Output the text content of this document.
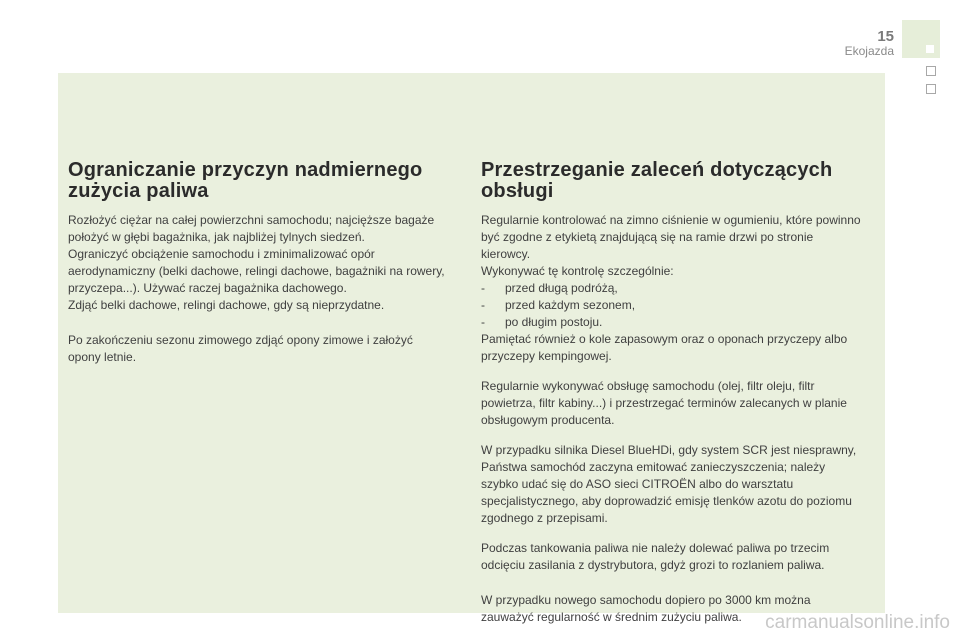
15
Ekojazda
Ograniczanie przyczyn nadmiernego
zużycia paliwa

Rozłożyć ciężar na całej powierzchni samochodu; najcięższe bagaże
położyć w głębi bagażnika, jak najbliżej tylnych siedzeń.
Ograniczyć obciążenie samochodu i zminimalizować opór
aerodynamiczny (belki dachowe, relingi dachowe, bagażniki na rowery,
przyczepa...). Używać raczej bagażnika dachowego.
Zdjąć belki dachowe, relingi dachowe, gdy są nieprzydatne.

Po zakończeniu sezonu zimowego zdjąć opony zimowe i założyć
opony letnie.

Przestrzeganie zaleceń dotyczących
obsługi

Regularnie kontrolować na zimno ciśnienie w ogumieniu, które powinno
być zgodne z etykietą znajdującą się na ramie drzwi po stronie
kierowcy.
Wykonywać tę kontrolę szczególnie:

- przed długą podróżą,
- przed każdym sezonem,
- po długim postoju.

Pamiętać również o kole zapasowym oraz o oponach przyczepy albo
przyczepy kempingowej.

Regularnie wykonywać obsługę samochodu (olej, filtr oleju, filtr
powietrza, filtr kabiny...) i przestrzegać terminów zalecanych w planie
obsługowym producenta.

W przypadku silnika Diesel BlueHDi, gdy system SCR jest niesprawny,
Państwa samochód zaczyna emitować zanieczyszczenia; należy
szybko udać się do ASO sieci CITROËN albo do warsztatu
specjalistycznego, aby doprowadzić emisję tlenków azotu do poziomu
zgodnego z przepisami.

Podczas tankowania paliwa nie należy dolewać paliwa po trzecim
odcięciu zasilania z dystrybutora, gdyż grozi to rozlaniem paliwa.

W przypadku nowego samochodu dopiero po 3000 km można
zauważyć regularność w średnim zużyciu paliwa.	carmanualsonline.info
